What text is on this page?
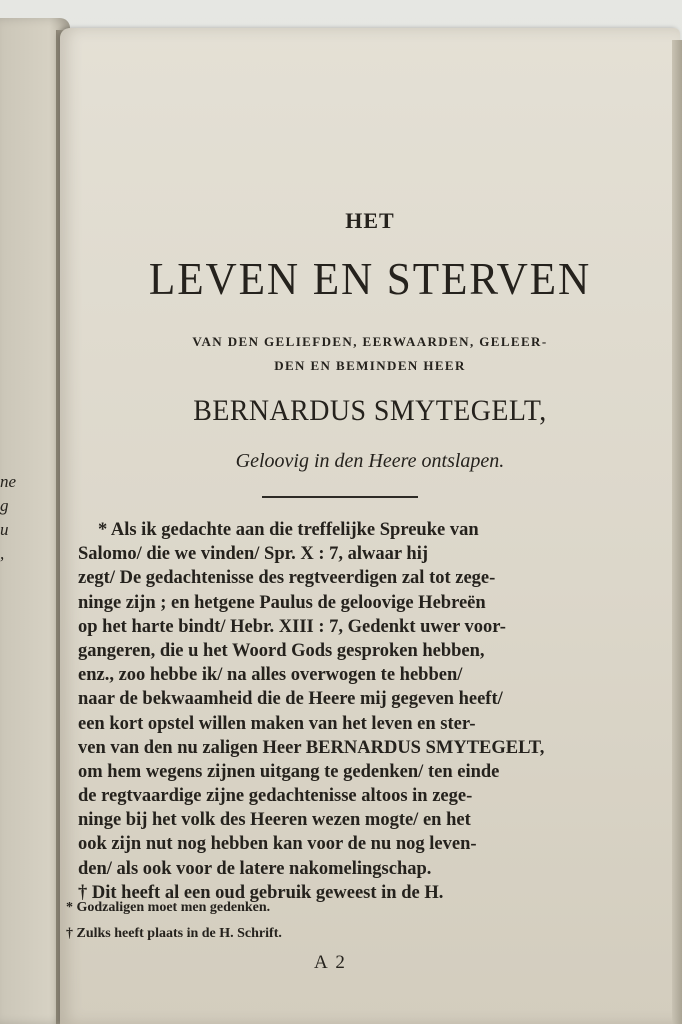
ne
g
u
,
HET
LEVEN EN STERVEN
VAN DEN GELIEFDEN, EERWAARDEN, GELEER-
DEN EN BEMINDEN HEER
BERNARDUS SMYTEGELT,
Geloovig in den Heere ontslapen.
* Als ik gedachte aan die treffelijke Spreuke van
Salomo/ die we vinden/ Spr. X : 7, alwaar hij
zegt/ De gedachtenisse des regtveerdigen zal tot zege-
ninge zijn ; en hetgene Paulus de geloovige Hebreën
op het harte bindt/ Hebr. XIII : 7, Gedenkt uwer voor-
gangeren, die u het Woord Gods gesproken hebben,
enz., zoo hebbe ik/ na alles overwogen te hebben/
naar de bekwaamheid die de Heere mij gegeven heeft/
een kort opstel willen maken van het leven en ster-
ven van den nu zaligen Heer BERNARDUS SMYTEGELT,
om hem wegens zijnen uitgang te gedenken/ ten einde
de regtvaardige zijne gedachtenisse altoos in zege-
ninge bij het volk des Heeren wezen mogte/ en het
ook zijn nut nog hebben kan voor de nu nog leven-
den/ als ook voor de latere nakomelingschap.
† Dit heeft al een oud gebruik geweest in de H.
* Godzaligen moet men gedenken.
† Zulks heeft plaats in de H. Schrift.
A 2
